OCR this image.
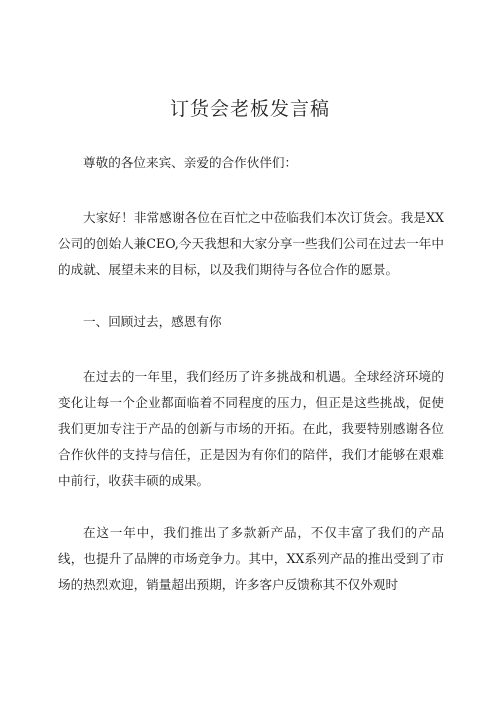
订货会老板发言稿

尊敬的各位来宾、亲爱的合作伙伴们：

大家好！非常感谢各位在百忙之中莅临我们本次订货会。我是XX公司的创始人兼CEO,今天我想和大家分享一些我们公司在过去一年中的成就、展望未来的目标，以及我们期待与各位合作的愿景。

一、回顾过去，感恩有你

在过去的一年里，我们经历了许多挑战和机遇。全球经济环境的变化让每一个企业都面临着不同程度的压力，但正是这些挑战，促使我们更加专注于产品的创新与市场的开拓。在此，我要特别感谢各位合作伙伴的支持与信任，正是因为有你们的陪伴，我们才能够在艰难中前行，收获丰硕的成果。

在这一年中，我们推出了多款新产品，不仅丰富了我们的产品线，也提升了品牌的市场竞争力。其中，XX系列产品的推出受到了市场的热烈欢迎，销量超出预期，许多客户反馈称其不仅外观时
